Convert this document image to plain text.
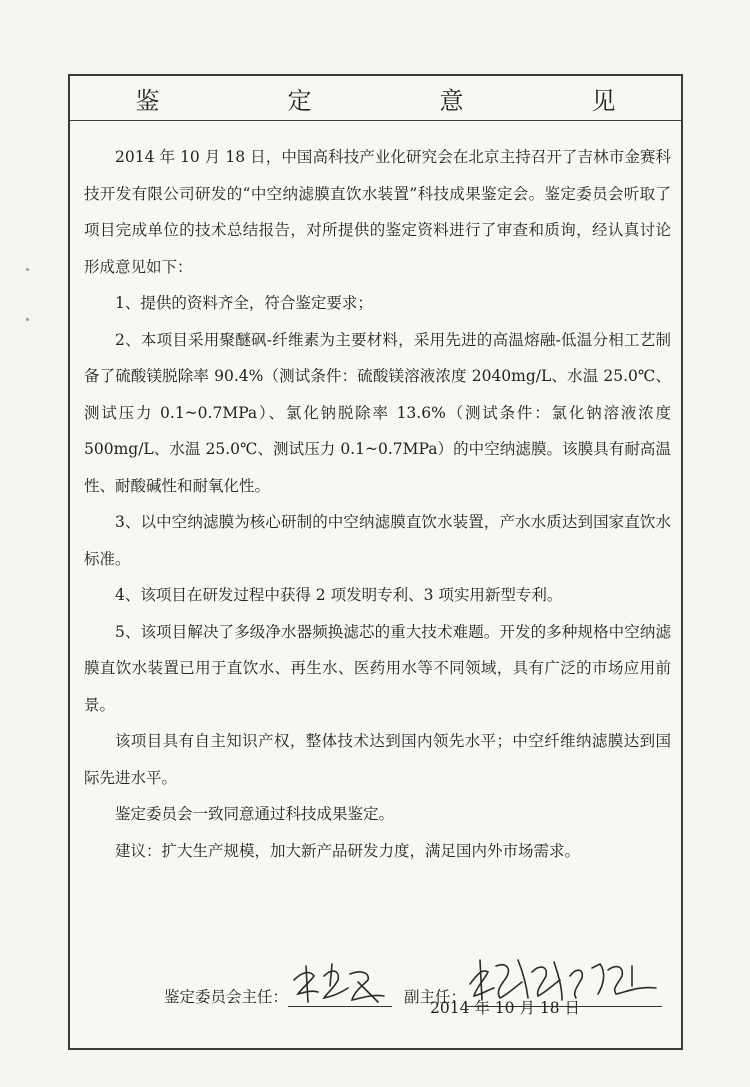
鉴　定　意　见

2014 年 10 月 18 日，中国高科技产业化研究会在北京主持召开了吉林市金赛科技开发有限公司研发的“中空纳滤膜直饮水装置”科技成果鉴定会。鉴定委员会听取了项目完成单位的技术总结报告，对所提供的鉴定资料进行了审查和质询，经认真讨论形成意见如下：

1、提供的资料齐全，符合鉴定要求；

2、本项目采用聚醚砜-纤维素为主要材料，采用先进的高温熔融-低温分相工艺制备了硫酸镁脱除率 90.4%（测试条件：硫酸镁溶液浓度 2040mg/L、水温 25.0℃、测试压力 0.1~0.7MPa）、氯化钠脱除率 13.6%（测试条件：氯化钠溶液浓度 500mg/L、水温 25.0℃、测试压力 0.1~0.7MPa）的中空纳滤膜。该膜具有耐高温性、耐酸碱性和耐氧化性。

3、以中空纳滤膜为核心研制的中空纳滤膜直饮水装置，产水水质达到国家直饮水标准。

4、该项目在研发过程中获得 2 项发明专利、3 项实用新型专利。

5、该项目解决了多级净水器频换滤芯的重大技术难题。开发的多种规格中空纳滤膜直饮水装置已用于直饮水、再生水、医药用水等不同领域，具有广泛的市场应用前景。

该项目具有自主知识产权，整体技术达到国内领先水平；中空纤维纳滤膜达到国际先进水平。

鉴定委员会一致同意通过科技成果鉴定。

建议：扩大生产规模，加大新产品研发力度，满足国内外市场需求。

鉴定委员会主任：	副主任：
2014 年 10 月 18 日
